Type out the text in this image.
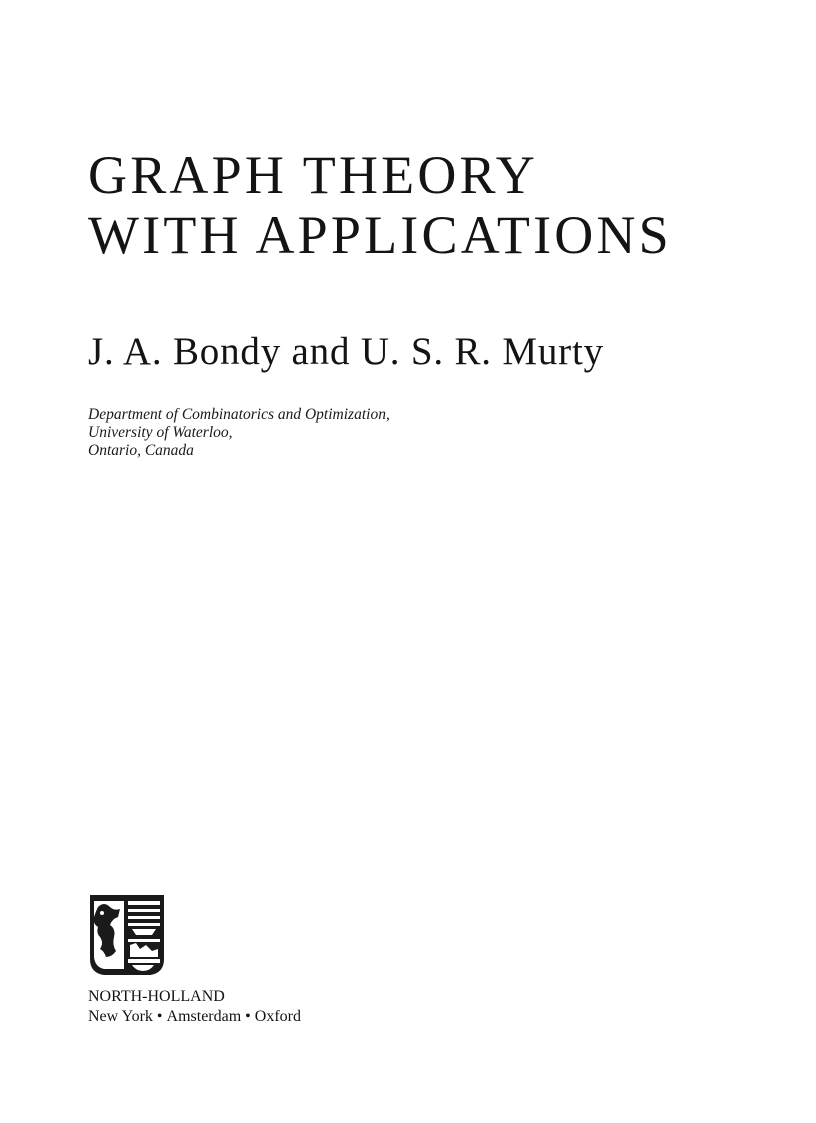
GRAPH THEORY
WITH APPLICATIONS
J. A. Bondy and U. S. R. Murty
Department of Combinatorics and Optimization,
University of Waterloo,
Ontario, Canada
NORTH-HOLLAND
New York • Amsterdam • Oxford
